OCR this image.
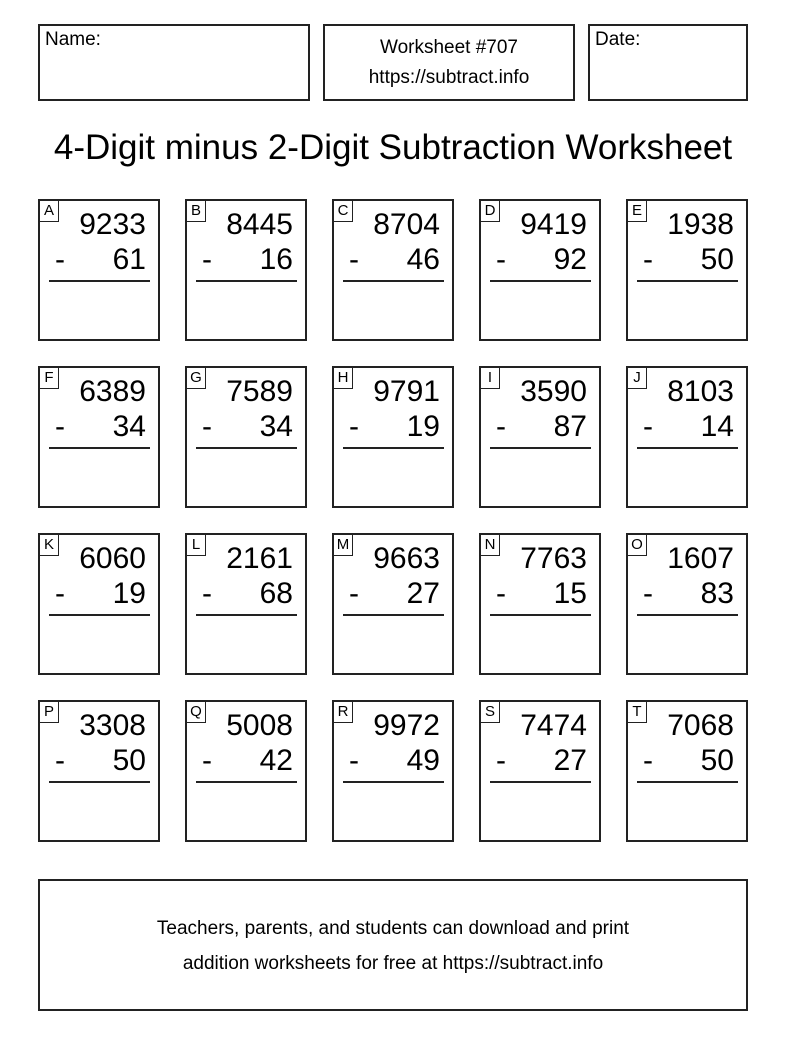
Name:	Worksheet #707
https://subtract.info
Date:
4-Digit minus 2-Digit Subtraction Worksheet
A 9233
- 61
B 8445
- 16
C 8704
- 46
D 9419
- 92
E 1938
- 50
F 6389
- 34
G 7589
- 34
H 9791
- 19
I 3590
- 87
J 8103
- 14
K 6060
- 19
L 2161
- 68
M 9663
- 27
N 7763
- 15
O 1607
- 83
P 3308
- 50
Q 5008
- 42
R 9972
- 49
S 7474
- 27
T 7068
- 50
Teachers, parents, and students can download and print
addition worksheets for free at https://subtract.info
